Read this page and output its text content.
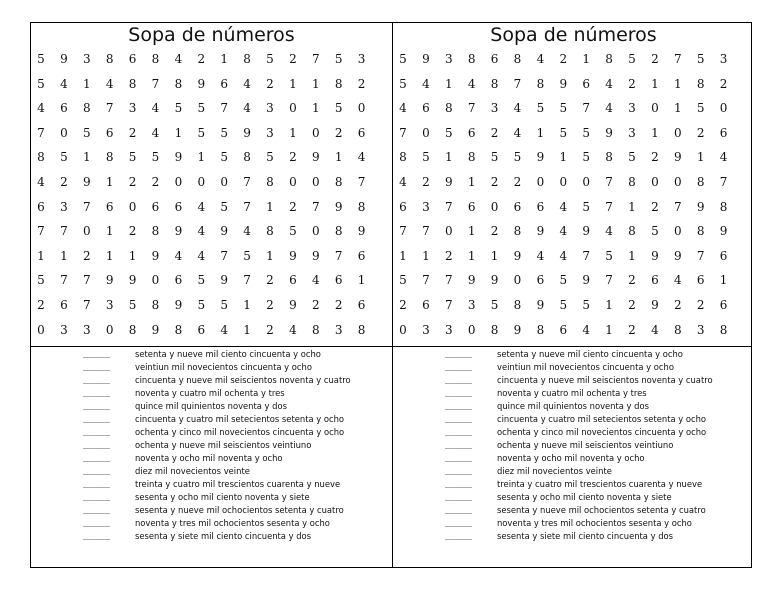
Sopa de números
5	9	3	8	6	8	4	2	1	8	5	2	7	5	3
5	4	1	4	8	7	8	9	6	4	2	1	1	8	2
4	6	8	7	3	4	5	5	7	4	3	0	1	5	0
7	0	5	6	2	4	1	5	5	9	3	1	0	2	6
8	5	1	8	5	5	9	1	5	8	5	2	9	1	4
4	2	9	1	2	2	0	0	0	7	8	0	0	8	7
6	3	7	6	0	6	6	4	5	7	1	2	7	9	8
7	7	0	1	2	8	9	4	9	4	8	5	0	8	9
1	1	2	1	1	9	4	4	7	5	1	9	9	7	6
5	7	7	9	9	0	6	5	9	7	2	6	4	6	1
2	6	7	3	5	8	9	5	5	1	2	9	2	2	6
0	3	3	0	8	9	8	6	4	1	2	4	8	3	8
_____	setenta y nueve mil ciento cincuenta y ocho
_____	veintiun mil novecientos cincuenta y ocho
_____	cincuenta y nueve mil seiscientos noventa y cuatro
_____	noventa y cuatro mil ochenta y tres
_____	quince mil quinientos noventa y dos
_____	cincuenta y cuatro mil setecientos setenta y ocho
_____	ochenta y cinco mil novecientos cincuenta y ocho
_____	ochenta y nueve mil seiscientos veintiuno
_____	noventa y ocho mil noventa y ocho
_____	diez mil novecientos veinte
_____	treinta y cuatro mil trescientos cuarenta y nueve
_____	sesenta y ocho mil ciento noventa y siete
_____	sesenta y nueve mil ochocientos setenta y cuatro
_____	noventa y tres mil ochocientos sesenta y ocho
_____	sesenta y siete mil ciento cincuenta y dos
Sopa de números
5	9	3	8	6	8	4	2	1	8	5	2	7	5	3
5	4	1	4	8	7	8	9	6	4	2	1	1	8	2
4	6	8	7	3	4	5	5	7	4	3	0	1	5	0
7	0	5	6	2	4	1	5	5	9	3	1	0	2	6
8	5	1	8	5	5	9	1	5	8	5	2	9	1	4
4	2	9	1	2	2	0	0	0	7	8	0	0	8	7
6	3	7	6	0	6	6	4	5	7	1	2	7	9	8
7	7	0	1	2	8	9	4	9	4	8	5	0	8	9
1	1	2	1	1	9	4	4	7	5	1	9	9	7	6
5	7	7	9	9	0	6	5	9	7	2	6	4	6	1
2	6	7	3	5	8	9	5	5	1	2	9	2	2	6
0	3	3	0	8	9	8	6	4	1	2	4	8	3	8
_____	setenta y nueve mil ciento cincuenta y ocho
_____	veintiun mil novecientos cincuenta y ocho
_____	cincuenta y nueve mil seiscientos noventa y cuatro
_____	noventa y cuatro mil ochenta y tres
_____	quince mil quinientos noventa y dos
_____	cincuenta y cuatro mil setecientos setenta y ocho
_____	ochenta y cinco mil novecientos cincuenta y ocho
_____	ochenta y nueve mil seiscientos veintiuno
_____	noventa y ocho mil noventa y ocho
_____	diez mil novecientos veinte
_____	treinta y cuatro mil trescientos cuarenta y nueve
_____	sesenta y ocho mil ciento noventa y siete
_____	sesenta y nueve mil ochocientos setenta y cuatro
_____	noventa y tres mil ochocientos sesenta y ocho
_____	sesenta y siete mil ciento cincuenta y dos
